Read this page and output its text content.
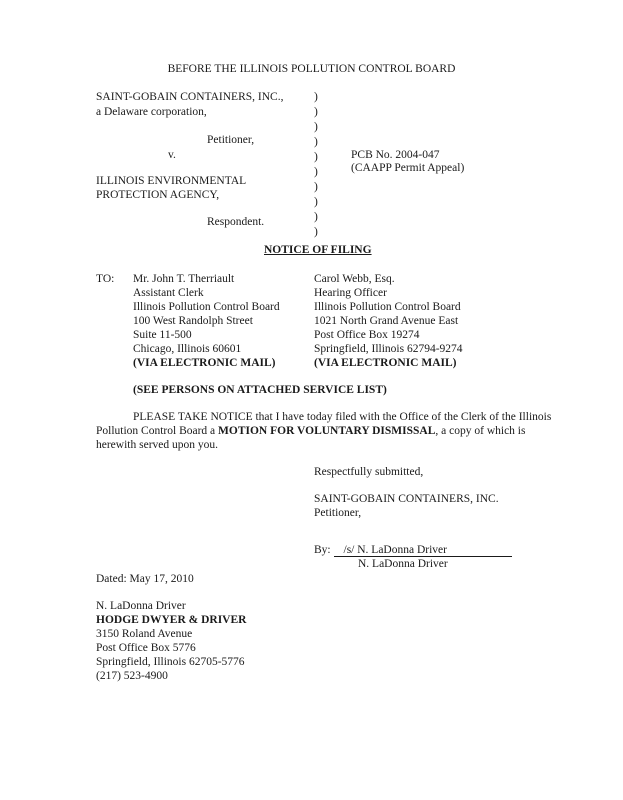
BEFORE THE ILLINOIS POLLUTION CONTROL BOARD
SAINT-GOBAIN CONTAINERS, INC.,
a Delaware corporation,
Petitioner,
v.
ILLINOIS ENVIRONMENTAL
PROTECTION AGENCY,
Respondent.
)
)
)
)
)
)
)
)
)
)
PCB No. 2004-047
(CAAPP Permit Appeal)
NOTICE OF FILING
TO: Mr. John T. Therriault
Assistant Clerk
Illinois Pollution Control Board
100 West Randolph Street
Suite 11-500
Chicago, Illinois 60601
(VIA ELECTRONIC MAIL)
Carol Webb, Esq.
Hearing Officer
Illinois Pollution Control Board
1021 North Grand Avenue East
Post Office Box 19274
Springfield, Illinois 62794-9274
(VIA ELECTRONIC MAIL)
(SEE PERSONS ON ATTACHED SERVICE LIST)
PLEASE TAKE NOTICE that I have today filed with the Office of the Clerk of the Illinois Pollution Control Board a MOTION FOR VOLUNTARY DISMISSAL, a copy of which is herewith served upon you.
Respectfully submitted,
SAINT-GOBAIN CONTAINERS, INC.
Petitioner,
By: /s/ N. LaDonna Driver
N. LaDonna Driver
Dated: May 17, 2010
N. LaDonna Driver
HODGE DWYER & DRIVER
3150 Roland Avenue
Post Office Box 5776
Springfield, Illinois 62705-5776
(217) 523-4900
